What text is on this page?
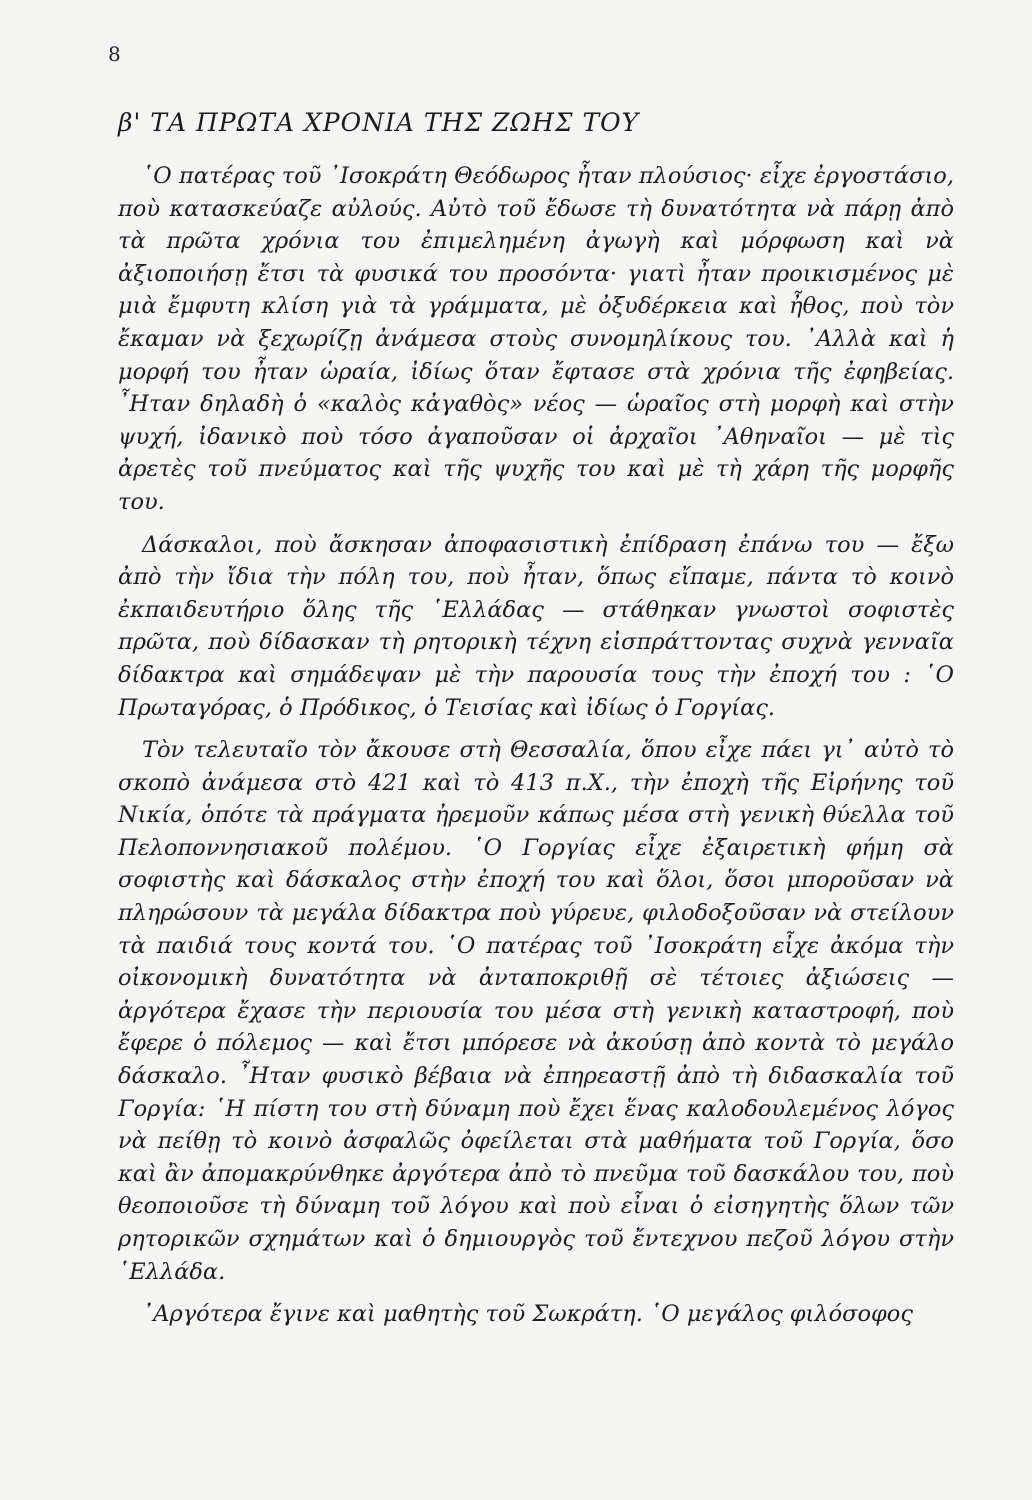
8
β' ΤΑ ΠΡΩΤΑ ΧΡΟΝΙΑ ΤΗΣ ΖΩΗΣ ΤΟΥ

῾Ο πατέρας τοῦ ᾿Ισοκράτη Θεόδωρος ἦταν πλούσιος· εἶχε ἐργοστάσιο, ποὺ κατασκεύαζε αὐλούς. Αὐτὸ τοῦ ἔδωσε τὴ δυνατότητα νὰ πάρῃ ἀπὸ τὰ πρῶτα χρόνια του ἐπιμελημένη ἀγωγὴ καὶ μόρφωση καὶ νὰ ἀξιοποιήσῃ ἔτσι τὰ φυσικά του προσόντα· γιατὶ ἦταν προικισμένος μὲ μιὰ ἔμφυτη κλίση γιὰ τὰ γράμματα, μὲ ὀξυδέρκεια καὶ ἦθος, ποὺ τὸν ἔκαμαν νὰ ξεχωρίζῃ ἀνάμεσα στοὺς συνομηλίκους του. ᾿Αλλὰ καὶ ἡ μορφή του ἦταν ὡραία, ἰδίως ὅταν ἔφτασε στὰ χρόνια τῆς ἐφηβείας. ῏Ηταν δηλαδὴ ὁ «καλὸς κἀγαθὸς» νέος — ὡραῖος στὴ μορφὴ καὶ στὴν ψυχή, ἰδανικὸ ποὺ τόσο ἀγαποῦσαν οἱ ἀρχαῖοι ᾿Αθηναῖοι — μὲ τὶς ἀρετὲς τοῦ πνεύματος καὶ τῆς ψυχῆς του καὶ μὲ τὴ χάρη τῆς μορφῆς του.

Δάσκαλοι, ποὺ ἄσκησαν ἀποφασιστικὴ ἐπίδραση ἐπάνω του — ἔξω ἀπὸ τὴν ἴδια τὴν πόλη του, ποὺ ἦταν, ὅπως εἴπαμε, πάντα τὸ κοινὸ ἐκπαιδευτήριο ὅλης τῆς ῾Ελλάδας — στάθηκαν γνωστοὶ σοφιστὲς πρῶτα, ποὺ δίδασκαν τὴ ρητορικὴ τέχνη εἰσπράττοντας συχνὰ γενναῖα δίδακτρα καὶ σημάδεψαν μὲ τὴν παρουσία τους τὴν ἐποχή του : ῾Ο Πρωταγόρας, ὁ Πρόδικος, ὁ Τεισίας καὶ ἰδίως ὁ Γοργίας.

Τὸν τελευταῖο τὸν ἄκουσε στὴ Θεσσαλία, ὅπου εἶχε πάει γι᾿ αὐτὸ τὸ σκοπὸ ἀνάμεσα στὸ 421 καὶ τὸ 413 π.Χ., τὴν ἐποχὴ τῆς Εἰρήνης τοῦ Νικία, ὁπότε τὰ πράγματα ἠρεμοῦν κάπως μέσα στὴ γενικὴ θύελλα τοῦ Πελοποννησιακοῦ πολέμου. ῾Ο Γοργίας εἶχε ἐξαιρετικὴ φήμη σὰ σοφιστὴς καὶ δάσκαλος στὴν ἐποχή του καὶ ὅλοι, ὅσοι μποροῦσαν νὰ πληρώσουν τὰ μεγάλα δίδακτρα ποὺ γύρευε, φιλοδοξοῦσαν νὰ στείλουν τὰ παιδιά τους κοντά του. ῾Ο πατέρας τοῦ ᾿Ισοκράτη εἶχε ἀκόμα τὴν οἰκονομικὴ δυνατότητα νὰ ἀνταποκριθῇ σὲ τέτοιες ἀξιώσεις — ἀργότερα ἔχασε τὴν περιουσία του μέσα στὴ γενικὴ καταστροφή, ποὺ ἔφερε ὁ πόλεμος — καὶ ἔτσι μπόρεσε νὰ ἀκούσῃ ἀπὸ κοντὰ τὸ μεγάλο δάσκαλο. ῏Ηταν φυσικὸ βέβαια νὰ ἐπηρεαστῇ ἀπὸ τὴ διδασκαλία τοῦ Γοργία: ῾Η πίστη του στὴ δύναμη ποὺ ἔχει ἕνας καλοδουλεμένος λόγος νὰ πείθῃ τὸ κοινὸ ἀσφαλῶς ὀφείλεται στὰ μαθήματα τοῦ Γοργία, ὅσο καὶ ἂν ἀπομακρύνθηκε ἀργότερα ἀπὸ τὸ πνεῦμα τοῦ δασκάλου του, ποὺ θεοποιοῦσε τὴ δύναμη τοῦ λόγου καὶ ποὺ εἶναι ὁ εἰσηγητὴς ὅλων τῶν ρητορικῶν σχημάτων καὶ ὁ δημιουργὸς τοῦ ἔντεχνου πεζοῦ λόγου στὴν ῾Ελλάδα.

᾿Αργότερα ἔγινε καὶ μαθητὴς τοῦ Σωκράτη. ῾Ο μεγάλος φιλόσοφος
